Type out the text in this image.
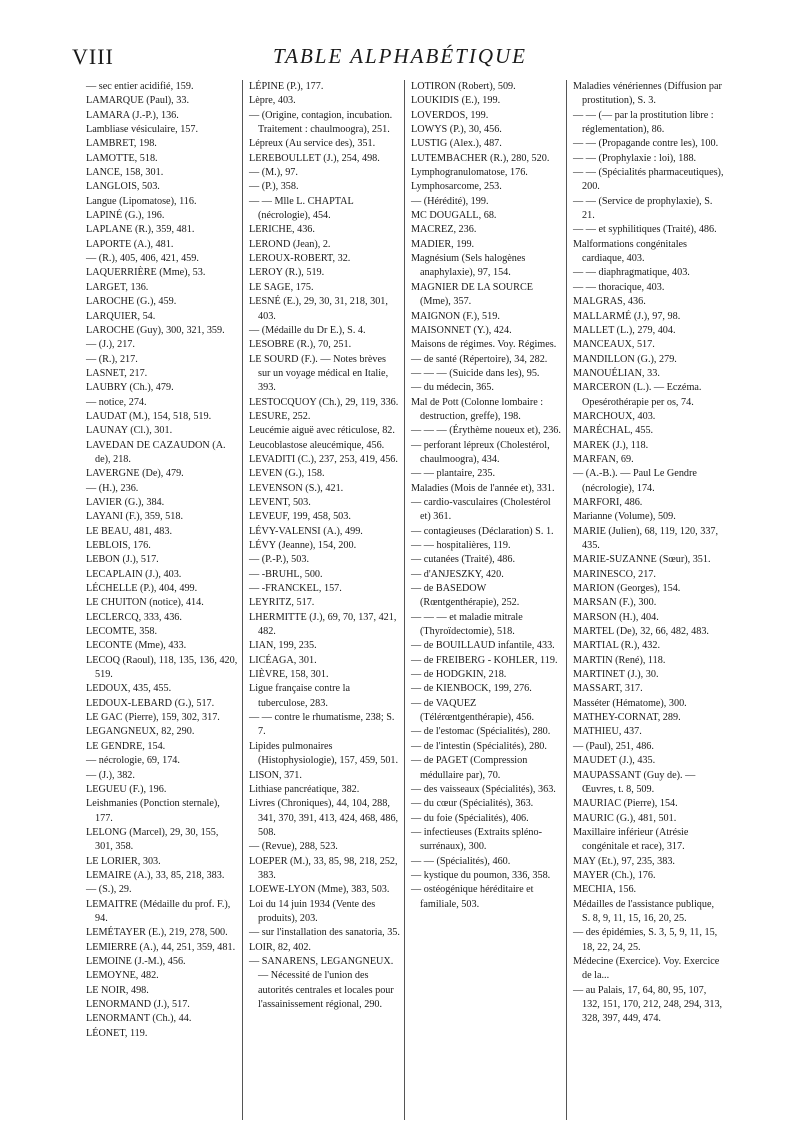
VIII	TABLE ALPHABÉTIQUE
— sec entier acidifié, 159.
LAMARQUE (Paul), 33.
LAMARA (J.-P.), 136.
Lambliase vésiculaire, 157.
LAMBRET, 198.
LAMOTTE, 518.
LANCE, 158, 301.
LANGLOIS, 503.
Langue (Lipomatose), 116.
LAPINÉ (G.), 196.
LAPLANE (R.), 359, 481.
LAPORTE (A.), 481.
— (R.), 405, 406, 421, 459.
LAQUERRIÈRE (Mme), 53.
LARGET, 136.
LAROCHE (G.), 459.
LARQUIER, 54.
LAROCHE (Guy), 300, 321, 359.
— (J.), 217.
— (R.), 217.
LASNET, 217.
LAUBRY (Ch.), 479.
— notice, 274.
LAUDAT (M.), 154, 518, 519.
LAUNAY (Cl.), 301.
LAVEDAN DE CAZAUDON (A. de), 218.
LAVERGNE (De), 479.
— (H.), 236.
LAVIER (G.), 384.
LAYANI (F.), 359, 518.
LE BEAU, 481, 483.
LEBLOIS, 176.
LEBON (J.), 517.
LECAPLAIN (J.), 403.
LÉCHELLE (P.), 404, 499.
LE CHUITON (notice), 414.
LECLERCQ, 333, 436.
LECOMTE, 358.
LECONTE (Mme), 433.
LECOQ (Raoul), 118, 135, 136, 420, 519.
LEDOUX, 435, 455.
LEDOUX-LEBARD (G.), 517.
LE GAC (Pierre), 159, 302, 317.
LEGANGNEUX, 82, 290.
LE GENDRE, 154.
— nécrologie, 69, 174.
— (J.), 382.
LEGUEU (F.), 196.
Leishmanies (Ponction sternale), 177.
LELONG (Marcel), 29, 30, 155, 301, 358.
LE LORIER, 303.
LEMAIRE (A.), 33, 85, 218, 383.
— (S.), 29.
LEMAITRE (Médaille du prof. F.), 94.
LEMÉTAYER (E.), 219, 278, 500.
LEMIERRE (A.), 44, 251, 359, 481.
LEMOINE (J.-M.), 456.
LEMOYNE, 482.
LE NOIR, 498.
LENORMAND (J.), 517.
LENORMANT (Ch.), 44.
LÉONET, 119.
LÉPINE (P.), 177.
Lèpre, 403.
— (Origine, contagion, incubation. Traitement : chaulmoogra), 251.
Lépreux (Au service des), 351.
LEREBOULLET (J.), 254, 498.
— (M.), 97.
— (P.), 358.
— — Mlle L. CHAPTAL (nécrologie), 454.
LERICHE, 436.
LEROND (Jean), 2.
LEROUX-ROBERT, 32.
LEROY (R.), 519.
LE SAGE, 175.
LESNÉ (E.), 29, 30, 31, 218, 301, 403.
— (Médaille du Dr E.), S. 4.
LESOBRE (R.), 70, 251.
LE SOURD (F.). — Notes brèves sur un voyage médical en Italie, 393.
LESTOCQUOY (Ch.), 29, 119, 336.
LESURE, 252.
Leucémie aiguë avec réticulose, 82.
Leucoblastose aleucémique, 456.
LEVADITI (C.), 237, 253, 419, 456.
LEVEN (G.), 158.
LEVENSON (S.), 421.
LEVENT, 503.
LEVEUF, 199, 458, 503.
LÉVY-VALENSI (A.), 499.
LÉVY (Jeanne), 154, 200.
— (P.-P.), 503.
— -BRUHL, 500.
— -FRANCKEL, 157.
LEYRITZ, 517.
LHERMITTE (J.), 69, 70, 137, 421, 482.
LIAN, 199, 235.
LICÉAGA, 301.
LIÈVRE, 158, 301.
Ligue française contre la tuberculose, 283.
— — contre le rhumatisme, 238; S. 7.
Lipides pulmonaires (Histophysiologie), 157, 459, 501.
LISON, 371.
Lithiase pancréatique, 382.
Livres (Chroniques), 44, 104, 288, 341, 370, 391, 413, 424, 468, 486, 508.
— (Revue), 288, 523.
LOEPER (M.), 33, 85, 98, 218, 252, 383.
LOEWE-LYON (Mme), 383, 503.
Loi du 14 juin 1934 (Vente des produits), 203.
— sur l'installation des sanatoria, 35.
LOIR, 82, 402.
— SANARENS, LEGANGNEUX. — Nécessité de l'union des autorités centrales et locales pour l'assainissement régional, 290.
LOTIRON (Robert), 509.
LOUKIDIS (E.), 199.
LOVERDOS, 199.
LOWYS (P.), 30, 456.
LUSTIG (Alex.), 487.
LUTEMBACHER (R.), 280, 520.
Lymphogranulomatose, 176.
Lymphosarcome, 253.
— (Hérédité), 199.
MC DOUGALL, 68.
MACREZ, 236.
MADIER, 199.
Magnésium (Sels halogènes anaphylaxie), 97, 154.
MAGNIER DE LA SOURCE (Mme), 357.
MAIGNON (F.), 519.
MAISONNET (Y.), 424.
Maisons de régimes. Voy. Régimes.
— de santé (Répertoire), 34, 282.
— — — (Suicide dans les), 95.
— du médecin, 365.
Mal de Pott (Colonne lombaire : destruction, greffe), 198.
— — — (Érythème noueux et), 236.
— perforant lépreux (Cholestérol, chaulmoogra), 434.
— — plantaire, 235.
Maladies (Mois de l'année et), 331.
— cardio-vasculaires (Cholestérol et) 361.
— contagieuses (Déclaration) S. 1.
— — hospitalières, 119.
— cutanées (Traité), 486.
— d'ANJESZKY, 420.
— de BASEDOW (Rœntgenthérapie), 252.
— — — et maladie mitrale (Thyroïdectomie), 518.
— de BOUILLAUD infantile, 433.
— de FREIBERG - KOHLER, 119.
— de HODGKIN, 218.
— de KIENBOCK, 199, 276.
— de VAQUEZ (Télérœntgenthérapie), 456.
— de l'estomac (Spécialités), 280.
— de l'intestin (Spécialités), 280.
— de PAGET (Compression médullaire par), 70.
— des vaisseaux (Spécialités), 363.
— du cœur (Spécialités), 363.
— du foie (Spécialités), 406.
— infectieuses (Extraits spléno-surrénaux), 300.
— — (Spécialités), 460.
— kystique du poumon, 336, 358.
— ostéogénique héréditaire et familiale, 503.
Maladies vénériennes (Diffusion par prostitution), S. 3.
— — (— par la prostitution libre : réglementation), 86.
— — (Propagande contre les), 100.
— — (Prophylaxie : loi), 188.
— — (Spécialités pharmaceutiques), 200.
— — (Service de prophylaxie), S. 21.
— — et syphilitiques (Traité), 486.
Malformations congénitales cardiaque, 403.
— — diaphragmatique, 403.
— — thoracique, 403.
MALGRAS, 436.
MALLARMÉ (J.), 97, 98.
MALLET (L.), 279, 404.
MANCEAUX, 517.
MANDILLON (G.), 279.
MANOUÉLIAN, 33.
MARCERON (L.). — Eczéma. Opesérothérapie per os, 74.
MARCHOUX, 403.
MARÉCHAL, 455.
MAREK (J.), 118.
MARFAN, 69.
— (A.-B.). — Paul Le Gendre (nécrologie), 174.
MARFORI, 486.
Marianne (Volume), 509.
MARIE (Julien), 68, 119, 120, 337, 435.
MARIE-SUZANNE (Sœur), 351.
MARINESCO, 217.
MARION (Georges), 154.
MARSAN (F.), 300.
MARSON (H.), 404.
MARTEL (De), 32, 66, 482, 483.
MARTIAL (R.), 432.
MARTIN (René), 118.
MARTINET (J.), 30.
MASSART, 317.
Masséter (Hématome), 300.
MATHEY-CORNAT, 289.
MATHIEU, 437.
— (Paul), 251, 486.
MAUDET (J.), 435.
MAUPASSANT (Guy de). — Œuvres, t. 8, 509.
MAURIAC (Pierre), 154.
MAURIC (G.), 481, 501.
Maxillaire inférieur (Atrésie congénitale et race), 317.
MAY (Et.), 97, 235, 383.
MAYER (Ch.), 176.
MECHIA, 156.
Médailles de l'assistance publique, S. 8, 9, 11, 15, 16, 20, 25.
— des épidémies, S. 3, 5, 9, 11, 15, 18, 22, 24, 25.
Médecine (Exercice). Voy. Exercice de la...
— au Palais, 17, 64, 80, 95, 107, 132, 151, 170, 212, 248, 294, 313, 328, 397, 449, 474.
